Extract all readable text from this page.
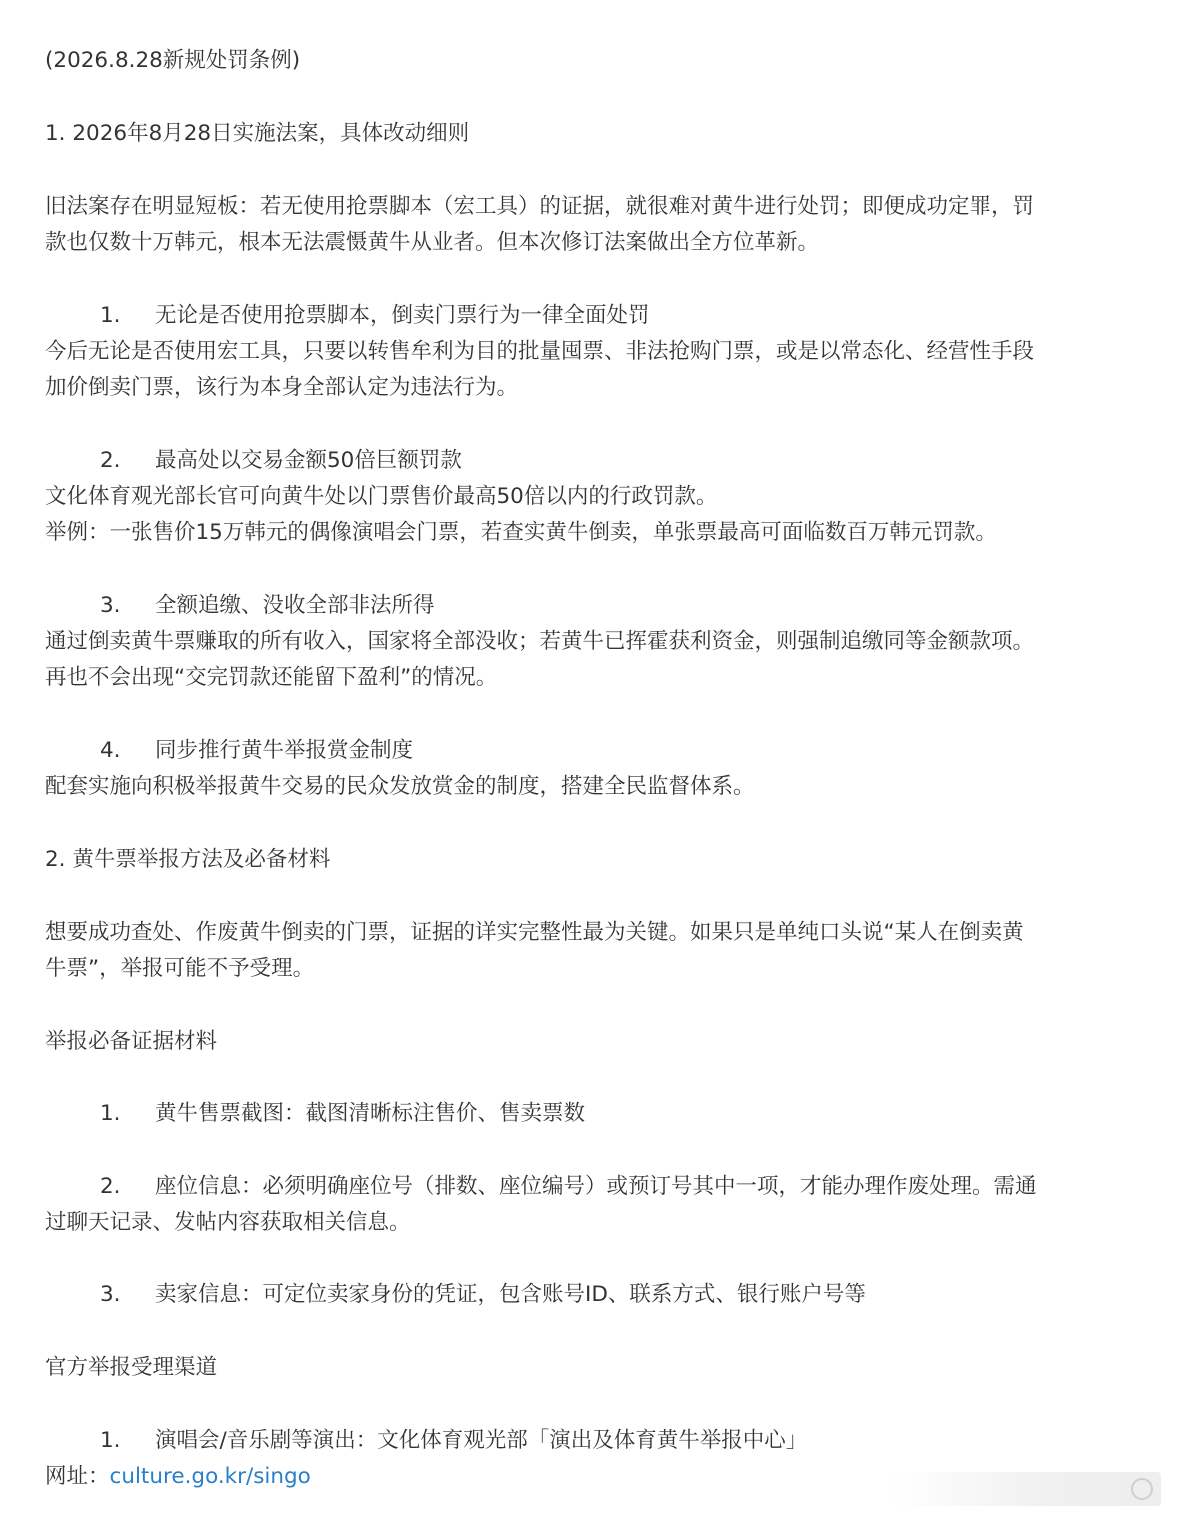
(2026.8.28新规处罚条例)
1. 2026年8月28日实施法案，具体改动细则
旧法案存在明显短板：若无使用抢票脚本（宏工具）的证据，就很难对黄牛进行处罚；即便成功定罪，罚
款也仅数十万韩元，根本无法震慑黄牛从业者。但本次修订法案做出全方位革新。
1. 无论是否使用抢票脚本，倒卖门票行为一律全面处罚
今后无论是否使用宏工具，只要以转售牟利为目的批量囤票、非法抢购门票，或是以常态化、经营性手段
加价倒卖门票，该行为本身全部认定为违法行为。
2. 最高处以交易金额50倍巨额罚款
文化体育观光部长官可向黄牛处以门票售价最高50倍以内的行政罚款。
举例：一张售价15万韩元的偶像演唱会门票，若查实黄牛倒卖，单张票最高可面临数百万韩元罚款。
3. 全额追缴、没收全部非法所得
通过倒卖黄牛票赚取的所有收入，国家将全部没收；若黄牛已挥霍获利资金，则强制追缴同等金额款项。
再也不会出现“交完罚款还能留下盈利”的情况。
4. 同步推行黄牛举报赏金制度
配套实施向积极举报黄牛交易的民众发放赏金的制度，搭建全民监督体系。
2. 黄牛票举报方法及必备材料
想要成功查处、作废黄牛倒卖的门票，证据的详实完整性最为关键。如果只是单纯口头说“某人在倒卖黄
牛票”，举报可能不予受理。
举报必备证据材料
1. 黄牛售票截图：截图清晰标注售价、售卖票数
2. 座位信息：必须明确座位号（排数、座位编号）或预订号其中一项，才能办理作废处理。需通
过聊天记录、发帖内容获取相关信息。
3. 卖家信息：可定位卖家身份的凭证，包含账号ID、联系方式、银行账户号等
官方举报受理渠道
1. 演唱会/音乐剧等演出：文化体育观光部「演出及体育黄牛举报中心」
网址：culture.go.kr/singo
